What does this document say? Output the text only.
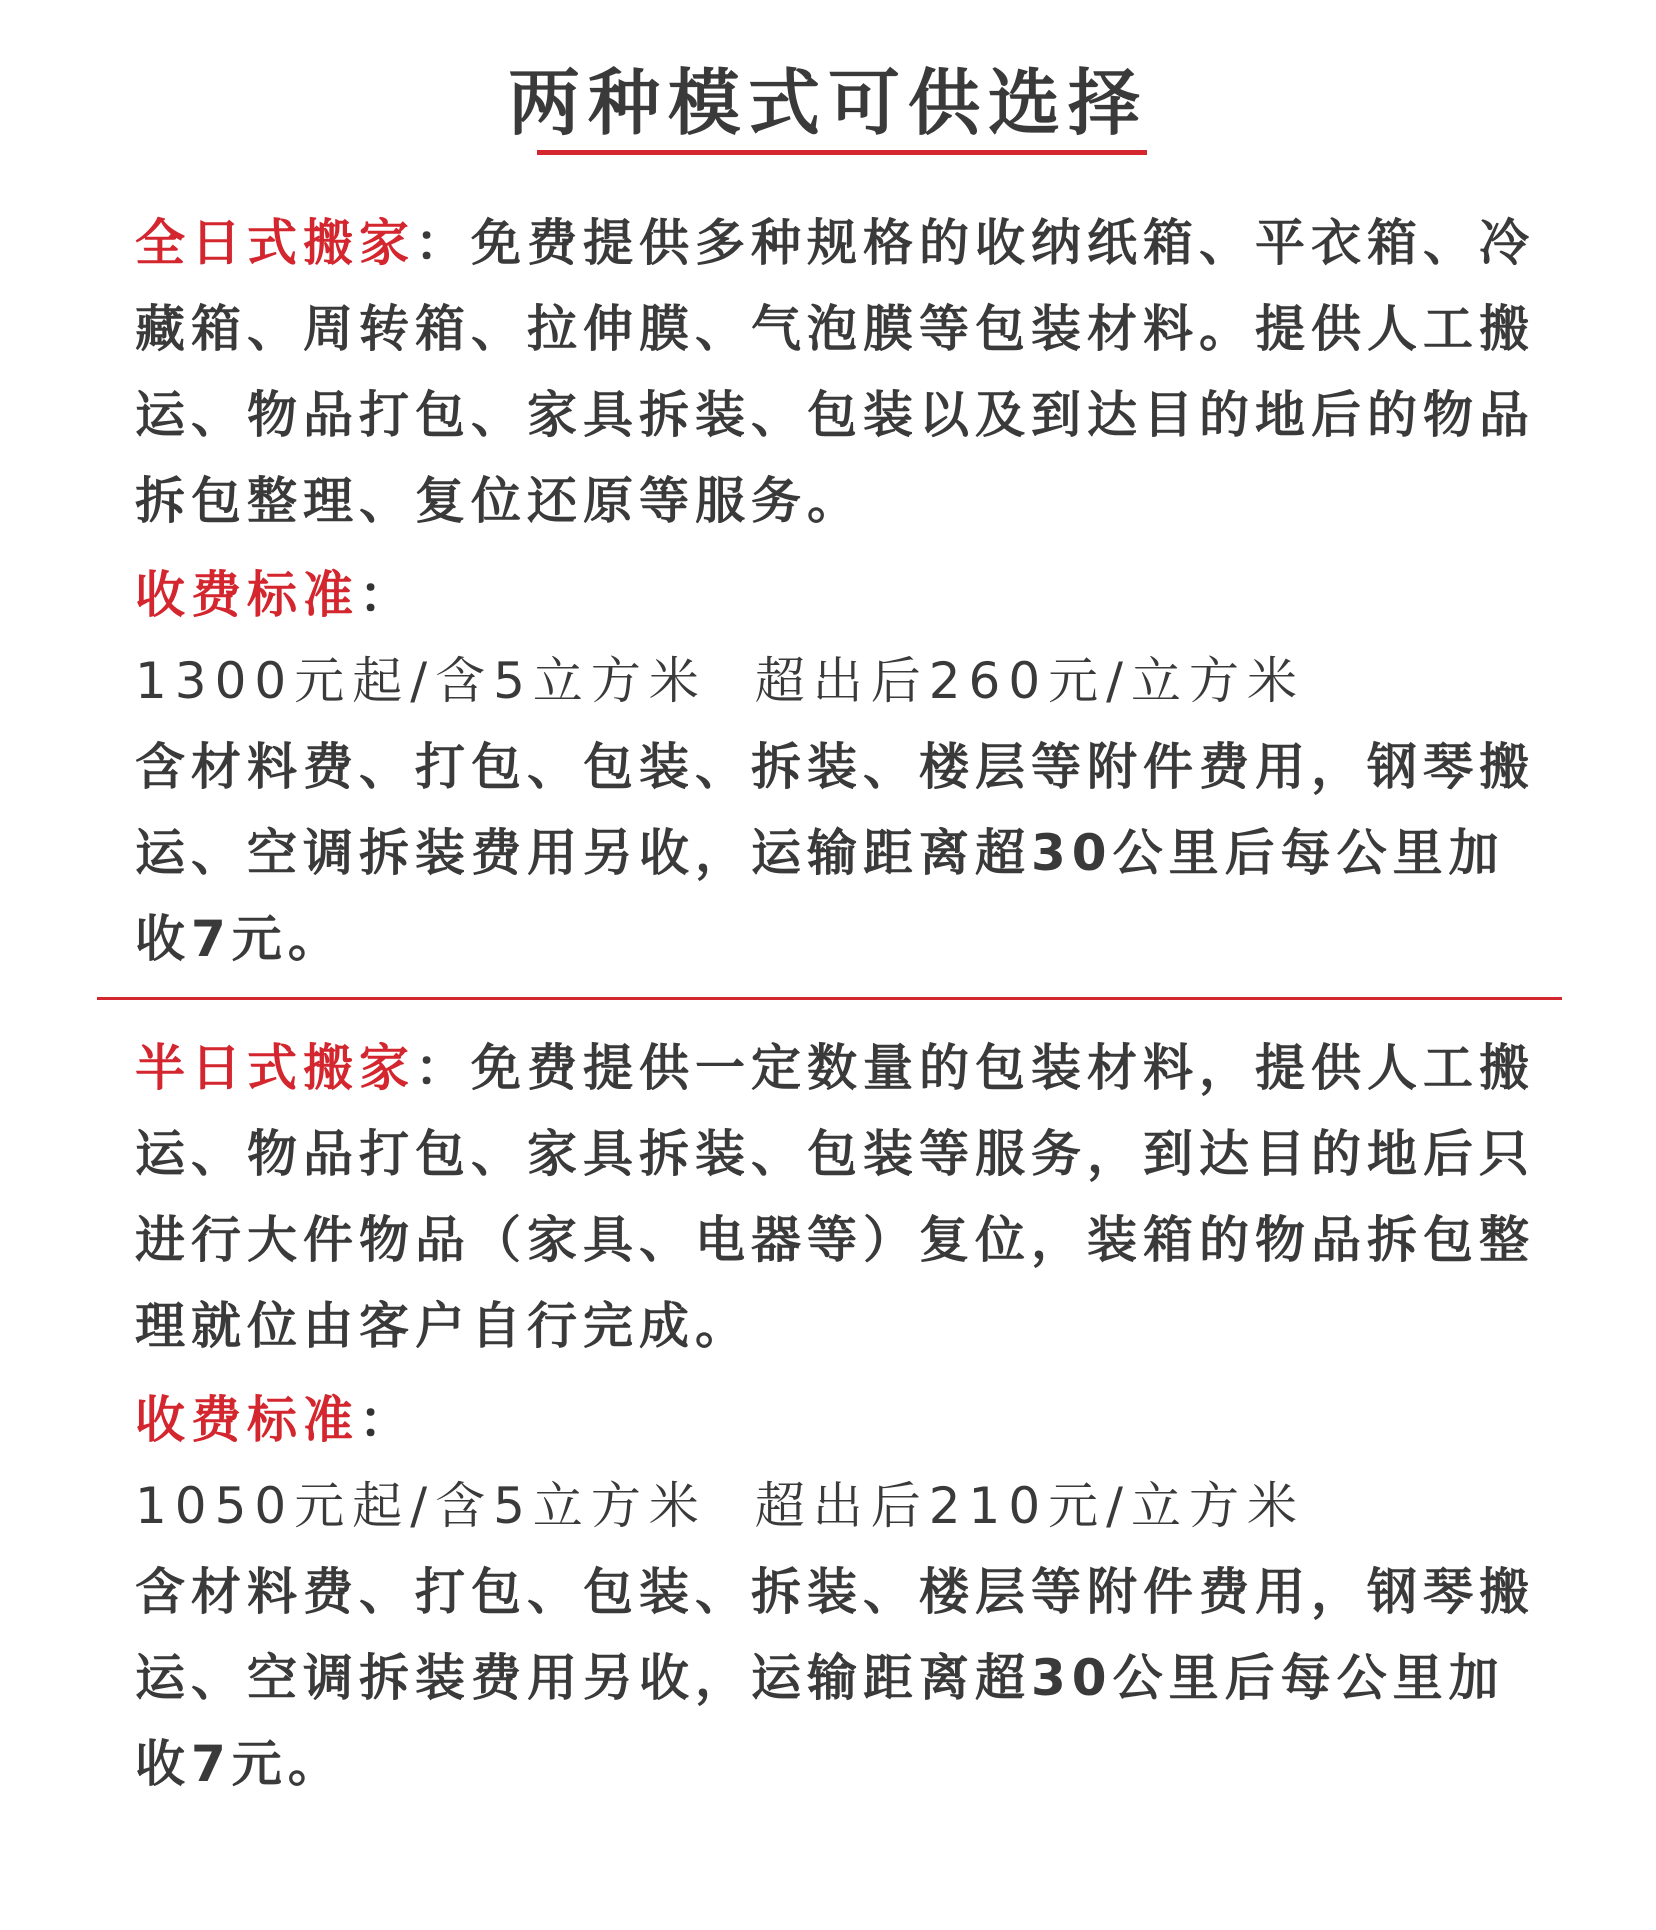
两种模式可供选择

全日式搬家：免费提供多种规格的收纳纸箱、平衣箱、冷藏箱、周转箱、拉伸膜、气泡膜等包装材料。提供人工搬运、物品打包、家具拆装、包装以及到达目的地后的物品拆包整理、复位还原等服务。

收费标准：

1300元起/含5立方米  超出后260元/立方米

含材料费、打包、包装、拆装、楼层等附件费用，钢琴搬运、空调拆装费用另收，运输距离超30公里后每公里加收7元。

半日式搬家：免费提供一定数量的包装材料，提供人工搬运、物品打包、家具拆装、包装等服务，到达目的地后只进行大件物品（家具、电器等）复位，装箱的物品拆包整理就位由客户自行完成。

收费标准：

1050元起/含5立方米  超出后210元/立方米

含材料费、打包、包装、拆装、楼层等附件费用，钢琴搬运、空调拆装费用另收，运输距离超30公里后每公里加收7元。
